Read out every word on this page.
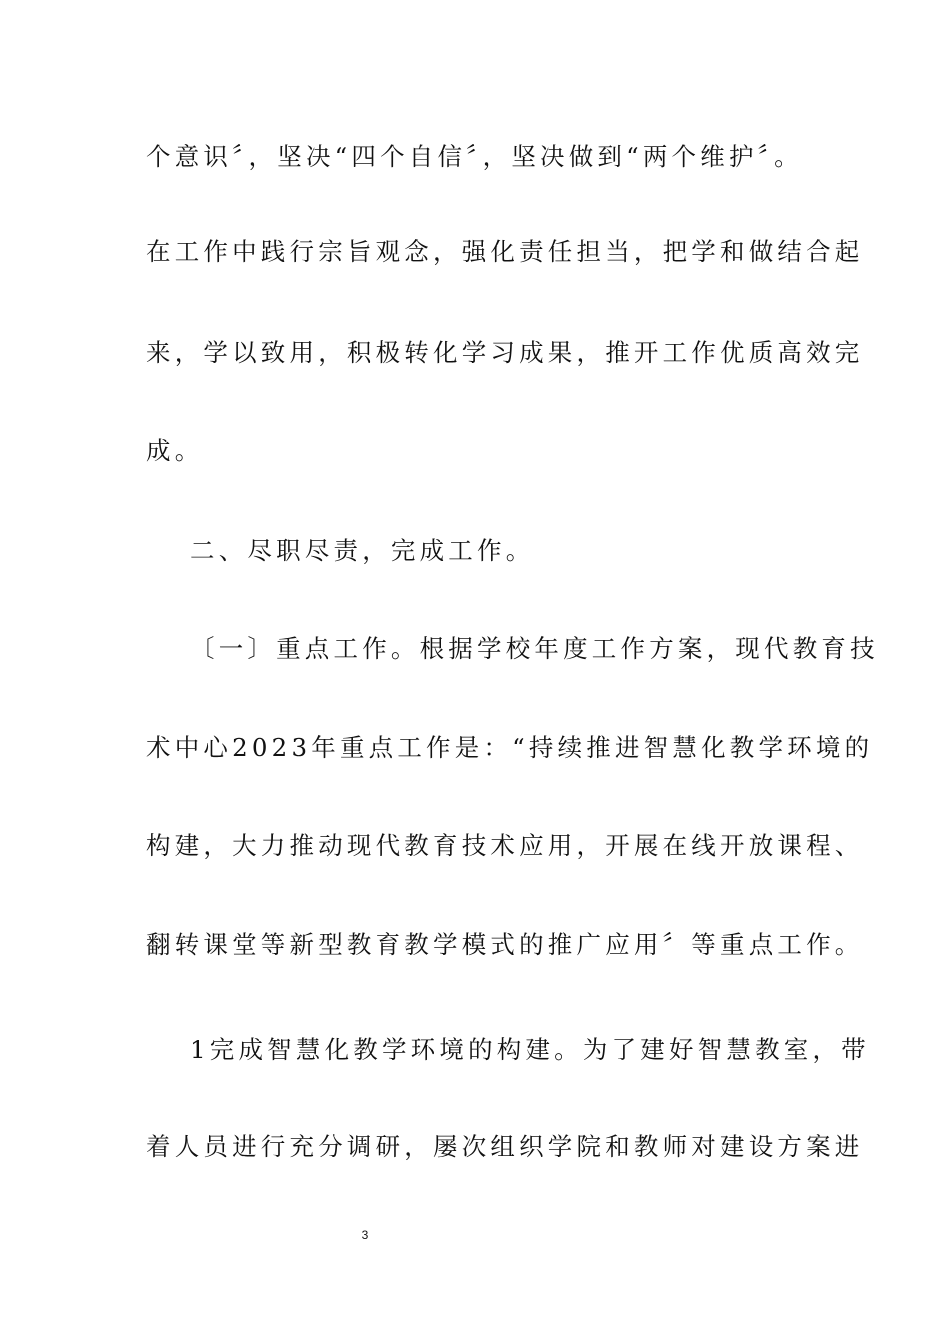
个意识〞，坚决“四个自信〞，坚决做到“两个维护〞。
在工作中践行宗旨观念，强化责任担当，把学和做结合起
来，学以致用，积极转化学习成果，推开工作优质高效完
成。
二、尽职尽责，完成工作。
〔一〕重点工作。根据学校年度工作方案，现代教育技
术中心2023年重点工作是：“持续推进智慧化教学环境的
构建，大力推动现代教育技术应用，开展在线开放课程、
翻转课堂等新型教育教学模式的推广应用〞等重点工作。
1完成智慧化教学环境的构建。为了建好智慧教室，带
着人员进行充分调研，屡次组织学院和教师对建设方案进
3
